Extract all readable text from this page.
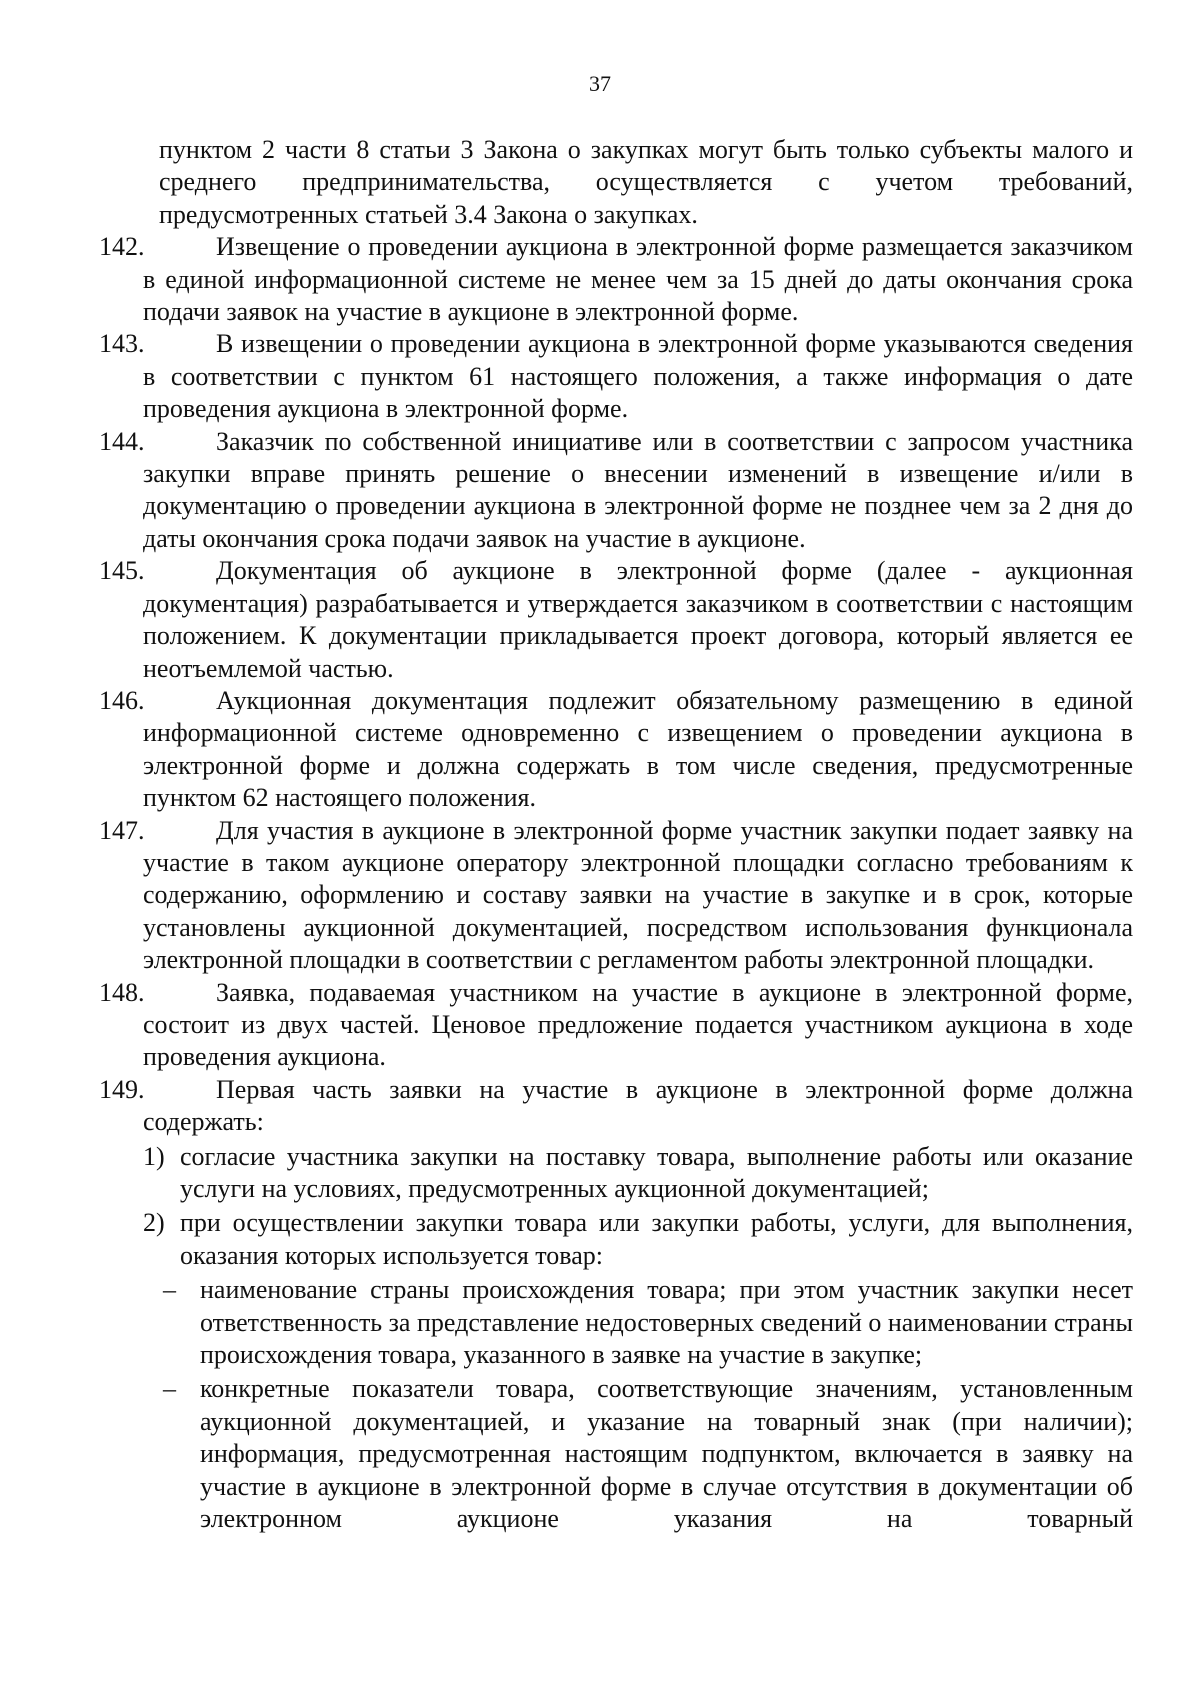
37
пунктом 2 части 8 статьи 3 Закона о закупках могут быть только субъекты малого и среднего предпринимательства, осуществляется с учетом требований, предусмотренных статьей 3.4 Закона о закупках.
142.	Извещение о проведении аукциона в электронной форме размещается заказчиком в единой информационной системе не менее чем за 15 дней до даты окончания срока подачи заявок на участие в аукционе в электронной форме.
143.	В извещении о проведении аукциона в электронной форме указываются сведения в соответствии с пунктом 61 настоящего положения, а также информация о дате проведения аукциона в электронной форме.
144.	Заказчик по собственной инициативе или в соответствии с запросом участника закупки вправе принять решение о внесении изменений в извещение и/или в документацию о проведении аукциона в электронной форме не позднее чем за 2 дня до даты окончания срока подачи заявок на участие в аукционе.
145.	Документация об аукционе в электронной форме (далее - аукционная документация) разрабатывается и утверждается заказчиком в соответствии с настоящим положением. К документации прикладывается проект договора, который является ее неотъемлемой частью.
146.	Аукционная документация подлежит обязательному размещению в единой информационной системе одновременно с извещением о проведении аукциона в электронной форме и должна содержать в том числе сведения, предусмотренные пунктом 62 настоящего положения.
147.	Для участия в аукционе в электронной форме участник закупки подает заявку на участие в таком аукционе оператору электронной площадки согласно требованиям к содержанию, оформлению и составу заявки на участие в закупке и в срок, которые установлены аукционной документацией, посредством использования функционала электронной площадки в соответствии с регламентом работы электронной площадки.
148.	Заявка, подаваемая участником на участие в аукционе в электронной форме, состоит из двух частей. Ценовое предложение подается участником аукциона в ходе проведения аукциона.
149.	Первая часть заявки на участие в аукционе в электронной форме должна содержать:
1) согласие участника закупки на поставку товара, выполнение работы или оказание услуги на условиях, предусмотренных аукционной документацией;
2) при осуществлении закупки товара или закупки работы, услуги, для выполнения, оказания которых используется товар:
– наименование страны происхождения товара; при этом участник закупки несет ответственность за представление недостоверных сведений о наименовании страны происхождения товара, указанного в заявке на участие в закупке;
– конкретные показатели товара, соответствующие значениям, установленным аукционной документацией, и указание на товарный знак (при наличии); информация, предусмотренная настоящим подпунктом, включается в заявку на участие в аукционе в электронной форме в случае отсутствия в документации об электронном аукционе указания на товарный
